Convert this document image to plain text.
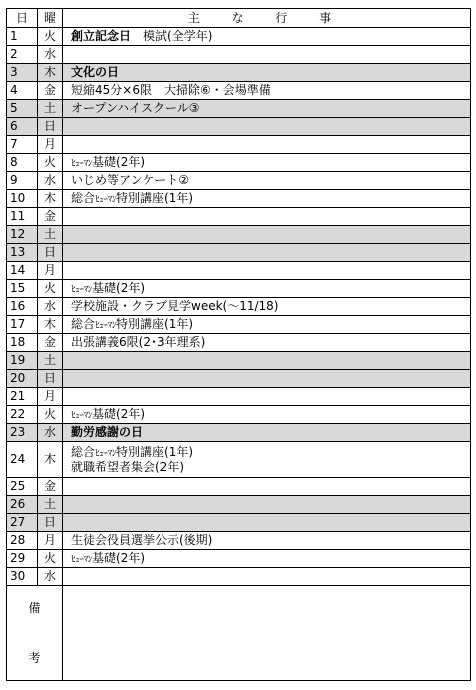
日	曜	主 な 行 事
1	火	創立記念日　模試(全学年)

2	水	
3	木	文化の日

4	金	短縮45分×6限　大掃除⑥・会場準備

5	土	オープンハイスクール③

6	日	
7	月	
8	火	ﾋｭｰﾏﾝ基礎(2年)

9	水	いじめ等アンケート②

10	木	総合ﾋｭｰﾏﾝ特別講座(1年)

11	金	
12	土	
13	日	
14	月	
15	火	ﾋｭｰﾏﾝ基礎(2年)

16	水	学校施設・クラブ見学week(〜11/18)

17	木	総合ﾋｭｰﾏﾝ特別講座(1年)

18	金	出張講義6限(2･3年理系)

19	土	
20	日	
21	月	
22	火	ﾋｭｰﾏﾝ基礎(2年)

23	水	勤労感謝の日

24	木	総合ﾋｭｰﾏﾝ特別講座(1年)
就職希望者集会(2年)

25	金	
26	土	
27	日	
28	月	生徒会役員選挙公示(後期)

29	火	ﾋｭｰﾏﾝ基礎(2年)

30	水	

備
考		
